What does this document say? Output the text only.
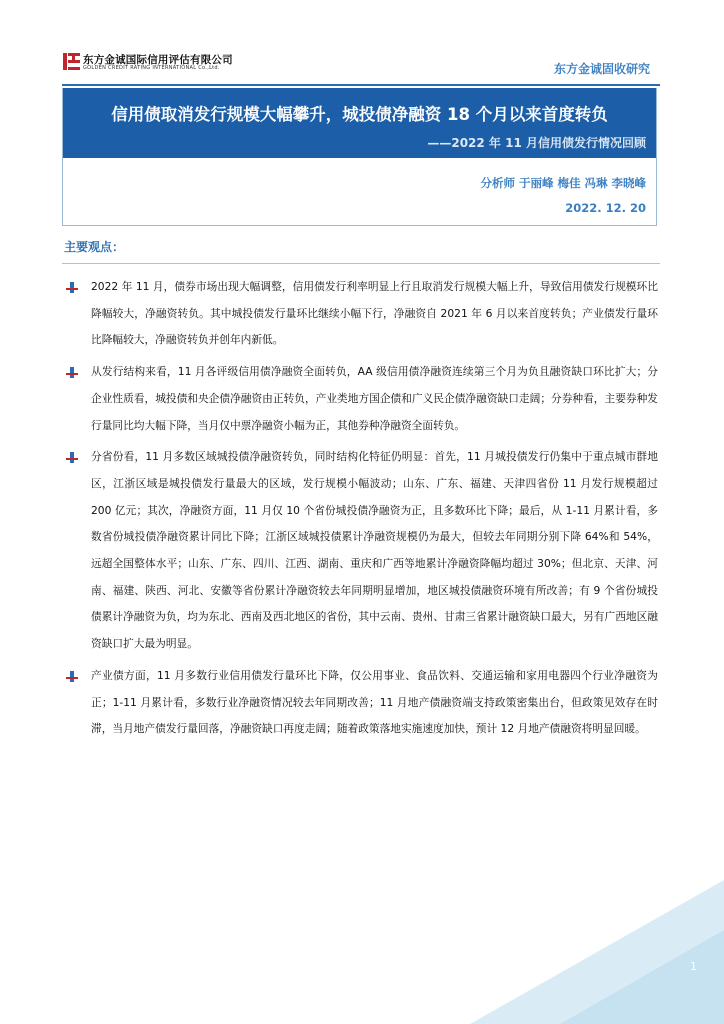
东方金诚国际信用评估有限公司
GOLDEN CREDIT RATING INTERNATIONAL Co.,Ltd.	东方金诚固收研究
信用债取消发行规模大幅攀升，城投债净融资 18 个月以来首度转负
——2022 年 11 月信用债发行情况回顾
分析师 于丽峰 梅佳 冯琳 李晓峰
2022. 12. 20
主要观点：
2022 年 11 月，债券市场出现大幅调整，信用债发行利率明显上行且取消发行规模大幅上升，导致信用债发行规模环比降幅较大，净融资转负。其中城投债发行量环比继续小幅下行，净融资自 2021 年 6 月以来首度转负；产业债发行量环比降幅较大，净融资转负并创年内新低。
从发行结构来看，11 月各评级信用债净融资全面转负，AA 级信用债净融资连续第三个月为负且融资缺口环比扩大；分企业性质看，城投债和央企债净融资由正转负，产业类地方国企债和广义民企债净融资缺口走阔；分券种看，主要券种发行量同比均大幅下降，当月仅中票净融资小幅为正，其他券种净融资全面转负。
分省份看，11 月多数区域城投债净融资转负，同时结构化特征仍明显：首先，11 月城投债发行仍集中于重点城市群地区，江浙区域是城投债发行量最大的区域，发行规模小幅波动；山东、广东、福建、天津四省份 11 月发行规模超过 200 亿元；其次，净融资方面，11 月仅 10 个省份城投债净融资为正，且多数环比下降；最后，从 1-11 月累计看，多数省份城投债净融资累计同比下降；江浙区域城投债累计净融资规模仍为最大，但较去年同期分别下降 64%和 54%，远超全国整体水平；山东、广东、四川、江西、湖南、重庆和广西等地累计净融资降幅均超过 30%；但北京、天津、河南、福建、陕西、河北、安徽等省份累计净融资较去年同期明显增加，地区城投债融资环境有所改善；有 9 个省份城投债累计净融资为负，均为东北、西南及西北地区的省份，其中云南、贵州、甘肃三省累计融资缺口最大，另有广西地区融资缺口扩大最为明显。
产业债方面，11 月多数行业信用债发行量环比下降，仅公用事业、食品饮料、交通运输和家用电器四个行业净融资为正；1-11 月累计看，多数行业净融资情况较去年同期改善；11 月地产债融资端支持政策密集出台，但政策见效存在时滞，当月地产债发行量回落，净融资缺口再度走阔；随着政策落地实施速度加快，预计 12 月地产债融资将明显回暖。
1
